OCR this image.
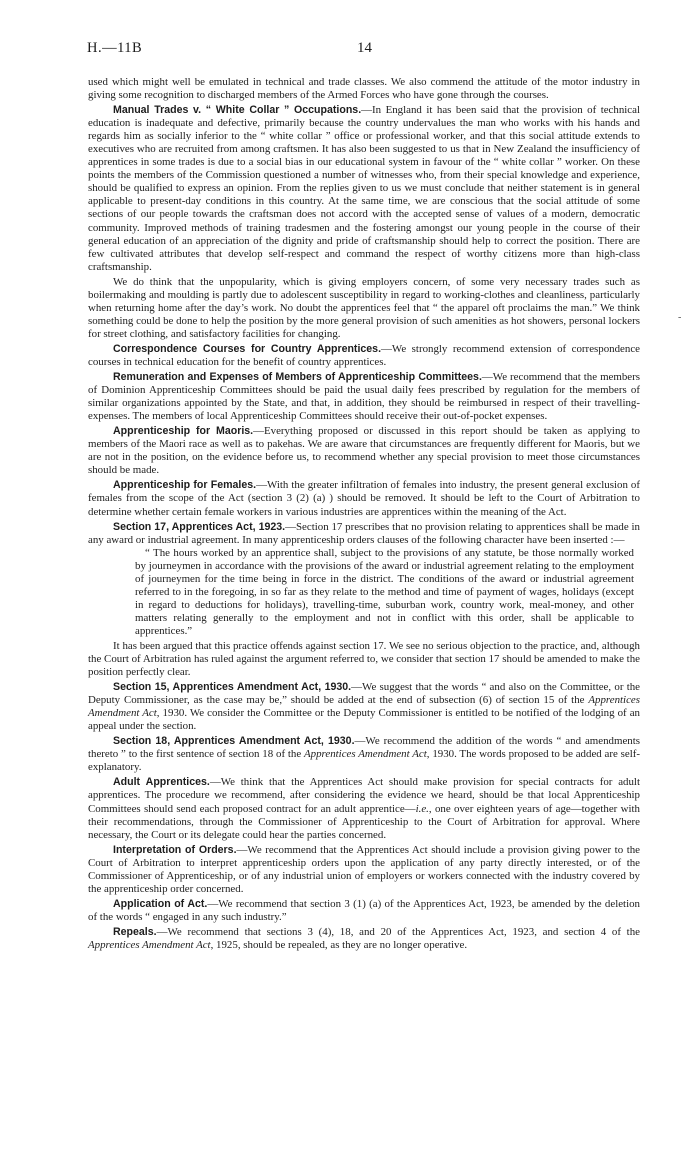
H.—11B	14

used which might well be emulated in technical and trade classes. We also commend the attitude of the motor industry in giving some recognition to discharged members of the Armed Forces who have gone through the courses.

Manual Trades v. “ White Collar ” Occupations.—In England it has been said that the provision of technical education is inadequate and defective, primarily because the country undervalues the man who works with his hands and regards him as socially inferior to the “ white collar ” office or professional worker, and that this social attitude extends to executives who are recruited from among craftsmen. It has also been suggested to us that in New Zealand the insufficiency of apprentices in some trades is due to a social bias in our educational system in favour of the “ white collar ” worker. On these points the members of the Commission questioned a number of witnesses who, from their special knowledge and experience, should be qualified to express an opinion. From the replies given to us we must conclude that neither statement is in general applicable to present-day conditions in this country. At the same time, we are conscious that the social attitude of some sections of our people towards the craftsman does not accord with the accepted sense of values of a modern, democratic community. Improved methods of training tradesmen and the fostering amongst our young people in the course of their general education of an appreciation of the dignity and pride of craftsmanship should help to correct the position. There are few cultivated attributes that develop self-respect and command the respect of worthy citizens more than high-class craftsmanship.

We do think that the unpopularity, which is giving employers concern, of some very necessary trades such as boilermaking and moulding is partly due to adolescent susceptibility in regard to working-clothes and cleanliness, particularly when returning home after the day’s work. No doubt the apprentices feel that “ the apparel oft proclaims the man.” We think something could be done to help the position by the more general provision of such amenities as hot showers, personal lockers for street clothing, and satisfactory facilities for changing.

Correspondence Courses for Country Apprentices.—We strongly recommend extension of correspondence courses in technical education for the benefit of country apprentices.

Remuneration and Expenses of Members of Apprenticeship Committees.—We recommend that the members of Dominion Apprenticeship Committees should be paid the usual daily fees prescribed by regulation for the members of similar organizations appointed by the State, and that, in addition, they should be reimbursed in respect of their travelling-expenses. The members of local Apprenticeship Committees should receive their out-of-pocket expenses.

Apprenticeship for Maoris.—Everything proposed or discussed in this report should be taken as applying to members of the Maori race as well as to pakehas. We are aware that circumstances are frequently different for Maoris, but we are not in the position, on the evidence before us, to recommend whether any special provision to meet those circumstances should be made.

Apprenticeship for Females.—With the greater infiltration of females into industry, the present general exclusion of females from the scope of the Act (section 3 (2) (a) ) should be removed. It should be left to the Court of Arbitration to determine whether certain female workers in various industries are apprentices within the meaning of the Act.

Section 17, Apprentices Act, 1923.—Section 17 prescribes that no provision relating to apprentices shall be made in any award or industrial agreement. In many apprenticeship orders clauses of the following character have been inserted :—

“ The hours worked by an apprentice shall, subject to the provisions of any statute, be those normally worked by journeymen in accordance with the provisions of the award or industrial agreement relating to the employment of journeymen for the time being in force in the district. The conditions of the award or industrial agreement referred to in the foregoing, in so far as they relate to the method and time of payment of wages, holidays (except in regard to deductions for holidays), travelling-time, suburban work, country work, meal-money, and other matters relating generally to the employment and not in conflict with this order, shall be applicable to apprentices.”

It has been argued that this practice offends against section 17. We see no serious objection to the practice, and, although the Court of Arbitration has ruled against the argument referred to, we consider that section 17 should be amended to make the position perfectly clear.

Section 15, Apprentices Amendment Act, 1930.—We suggest that the words “ and also on the Committee, or the Deputy Commissioner, as the case may be,” should be added at the end of subsection (6) of section 15 of the Apprentices Amendment Act, 1930. We consider the Committee or the Deputy Commissioner is entitled to be notified of the lodging of an appeal under the section.

Section 18, Apprentices Amendment Act, 1930.—We recommend the addition of the words “ and amendments thereto ” to the first sentence of section 18 of the Apprentices Amendment Act, 1930. The words proposed to be added are self-explanatory.

Adult Apprentices.—We think that the Apprentices Act should make provision for special contracts for adult apprentices. The procedure we recommend, after considering the evidence we heard, should be that local Apprenticeship Committees should send each proposed contract for an adult apprentice—i.e., one over eighteen years of age—together with their recommendations, through the Commissioner of Apprenticeship to the Court of Arbitration for approval. Where necessary, the Court or its delegate could hear the parties concerned.

Interpretation of Orders.—We recommend that the Apprentices Act should include a provision giving power to the Court of Arbitration to interpret apprenticeship orders upon the application of any party directly interested, or of the Commissioner of Apprenticeship, or of any industrial union of employers or workers connected with the industry covered by the apprenticeship order concerned.

Application of Act.—We recommend that section 3 (1) (a) of the Apprentices Act, 1923, be amended by the deletion of the words “ engaged in any such industry.”

Repeals.—We recommend that sections 3 (4), 18, and 20 of the Apprentices Act, 1923, and section 4 of the Apprentices Amendment Act, 1925, should be repealed, as they are no longer operative.

-
